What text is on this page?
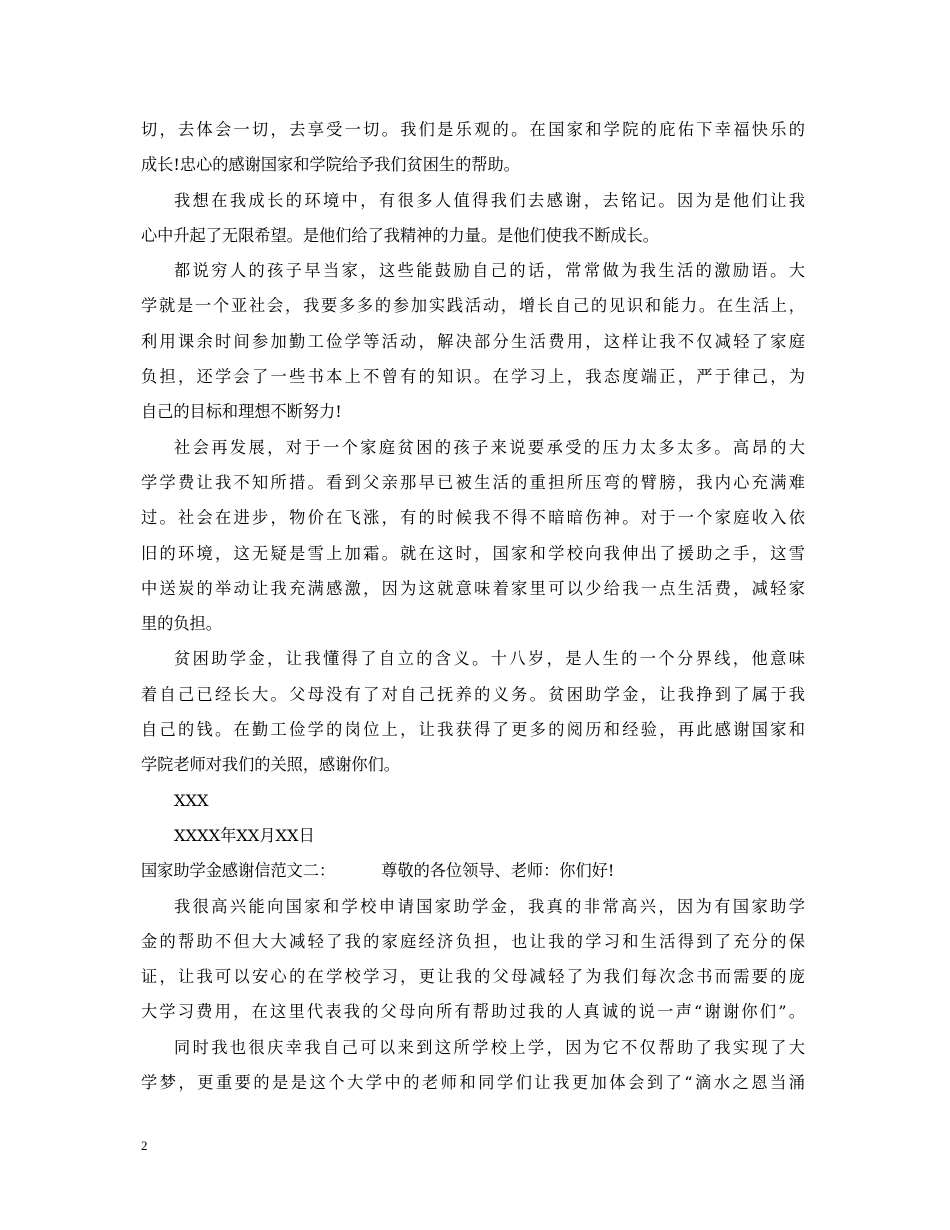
切，去体会一切，去享受一切。我们是乐观的。在国家和学院的庇佑下幸福快乐的
成长!忠心的感谢国家和学院给予我们贫困生的帮助。
我想在我成长的环境中，有很多人值得我们去感谢，去铭记。因为是他们让我
心中升起了无限希望。是他们给了我精神的力量。是他们使我不断成长。
都说穷人的孩子早当家，这些能鼓励自己的话，常常做为我生活的激励语。大
学就是一个亚社会，我要多多的参加实践活动，增长自己的见识和能力。在生活上，
利用课余时间参加勤工俭学等活动，解决部分生活费用，这样让我不仅减轻了家庭
负担，还学会了一些书本上不曾有的知识。在学习上，我态度端正，严于律己，为
自己的目标和理想不断努力!
社会再发展，对于一个家庭贫困的孩子来说要承受的压力太多太多。高昂的大
学学费让我不知所措。看到父亲那早已被生活的重担所压弯的臂膀，我内心充满难
过。社会在进步，物价在飞涨，有的时候我不得不暗暗伤神。对于一个家庭收入依
旧的环境，这无疑是雪上加霜。就在这时，国家和学校向我伸出了援助之手，这雪
中送炭的举动让我充满感激，因为这就意味着家里可以少给我一点生活费，减轻家
里的负担。
贫困助学金，让我懂得了自立的含义。十八岁，是人生的一个分界线，他意味
着自己已经长大。父母没有了对自己抚养的义务。贫困助学金，让我挣到了属于我
自己的钱。在勤工俭学的岗位上，让我获得了更多的阅历和经验，再此感谢国家和
学院老师对我们的关照，感谢你们。
XXX
XXXX年XX月XX日
国家助学金感谢信范文二：	尊敬的各位领导、老师：你们好!
我很高兴能向国家和学校申请国家助学金，我真的非常高兴，因为有国家助学
金的帮助不但大大减轻了我的家庭经济负担，也让我的学习和生活得到了充分的保
证，让我可以安心的在学校学习，更让我的父母减轻了为我们每次念书而需要的庞
大学习费用，在这里代表我的父母向所有帮助过我的人真诚的说一声“谢谢你们”。
同时我也很庆幸我自己可以来到这所学校上学，因为它不仅帮助了我实现了大
学梦，更重要的是是这个大学中的老师和同学们让我更加体会到了“滴水之恩当涌
2
